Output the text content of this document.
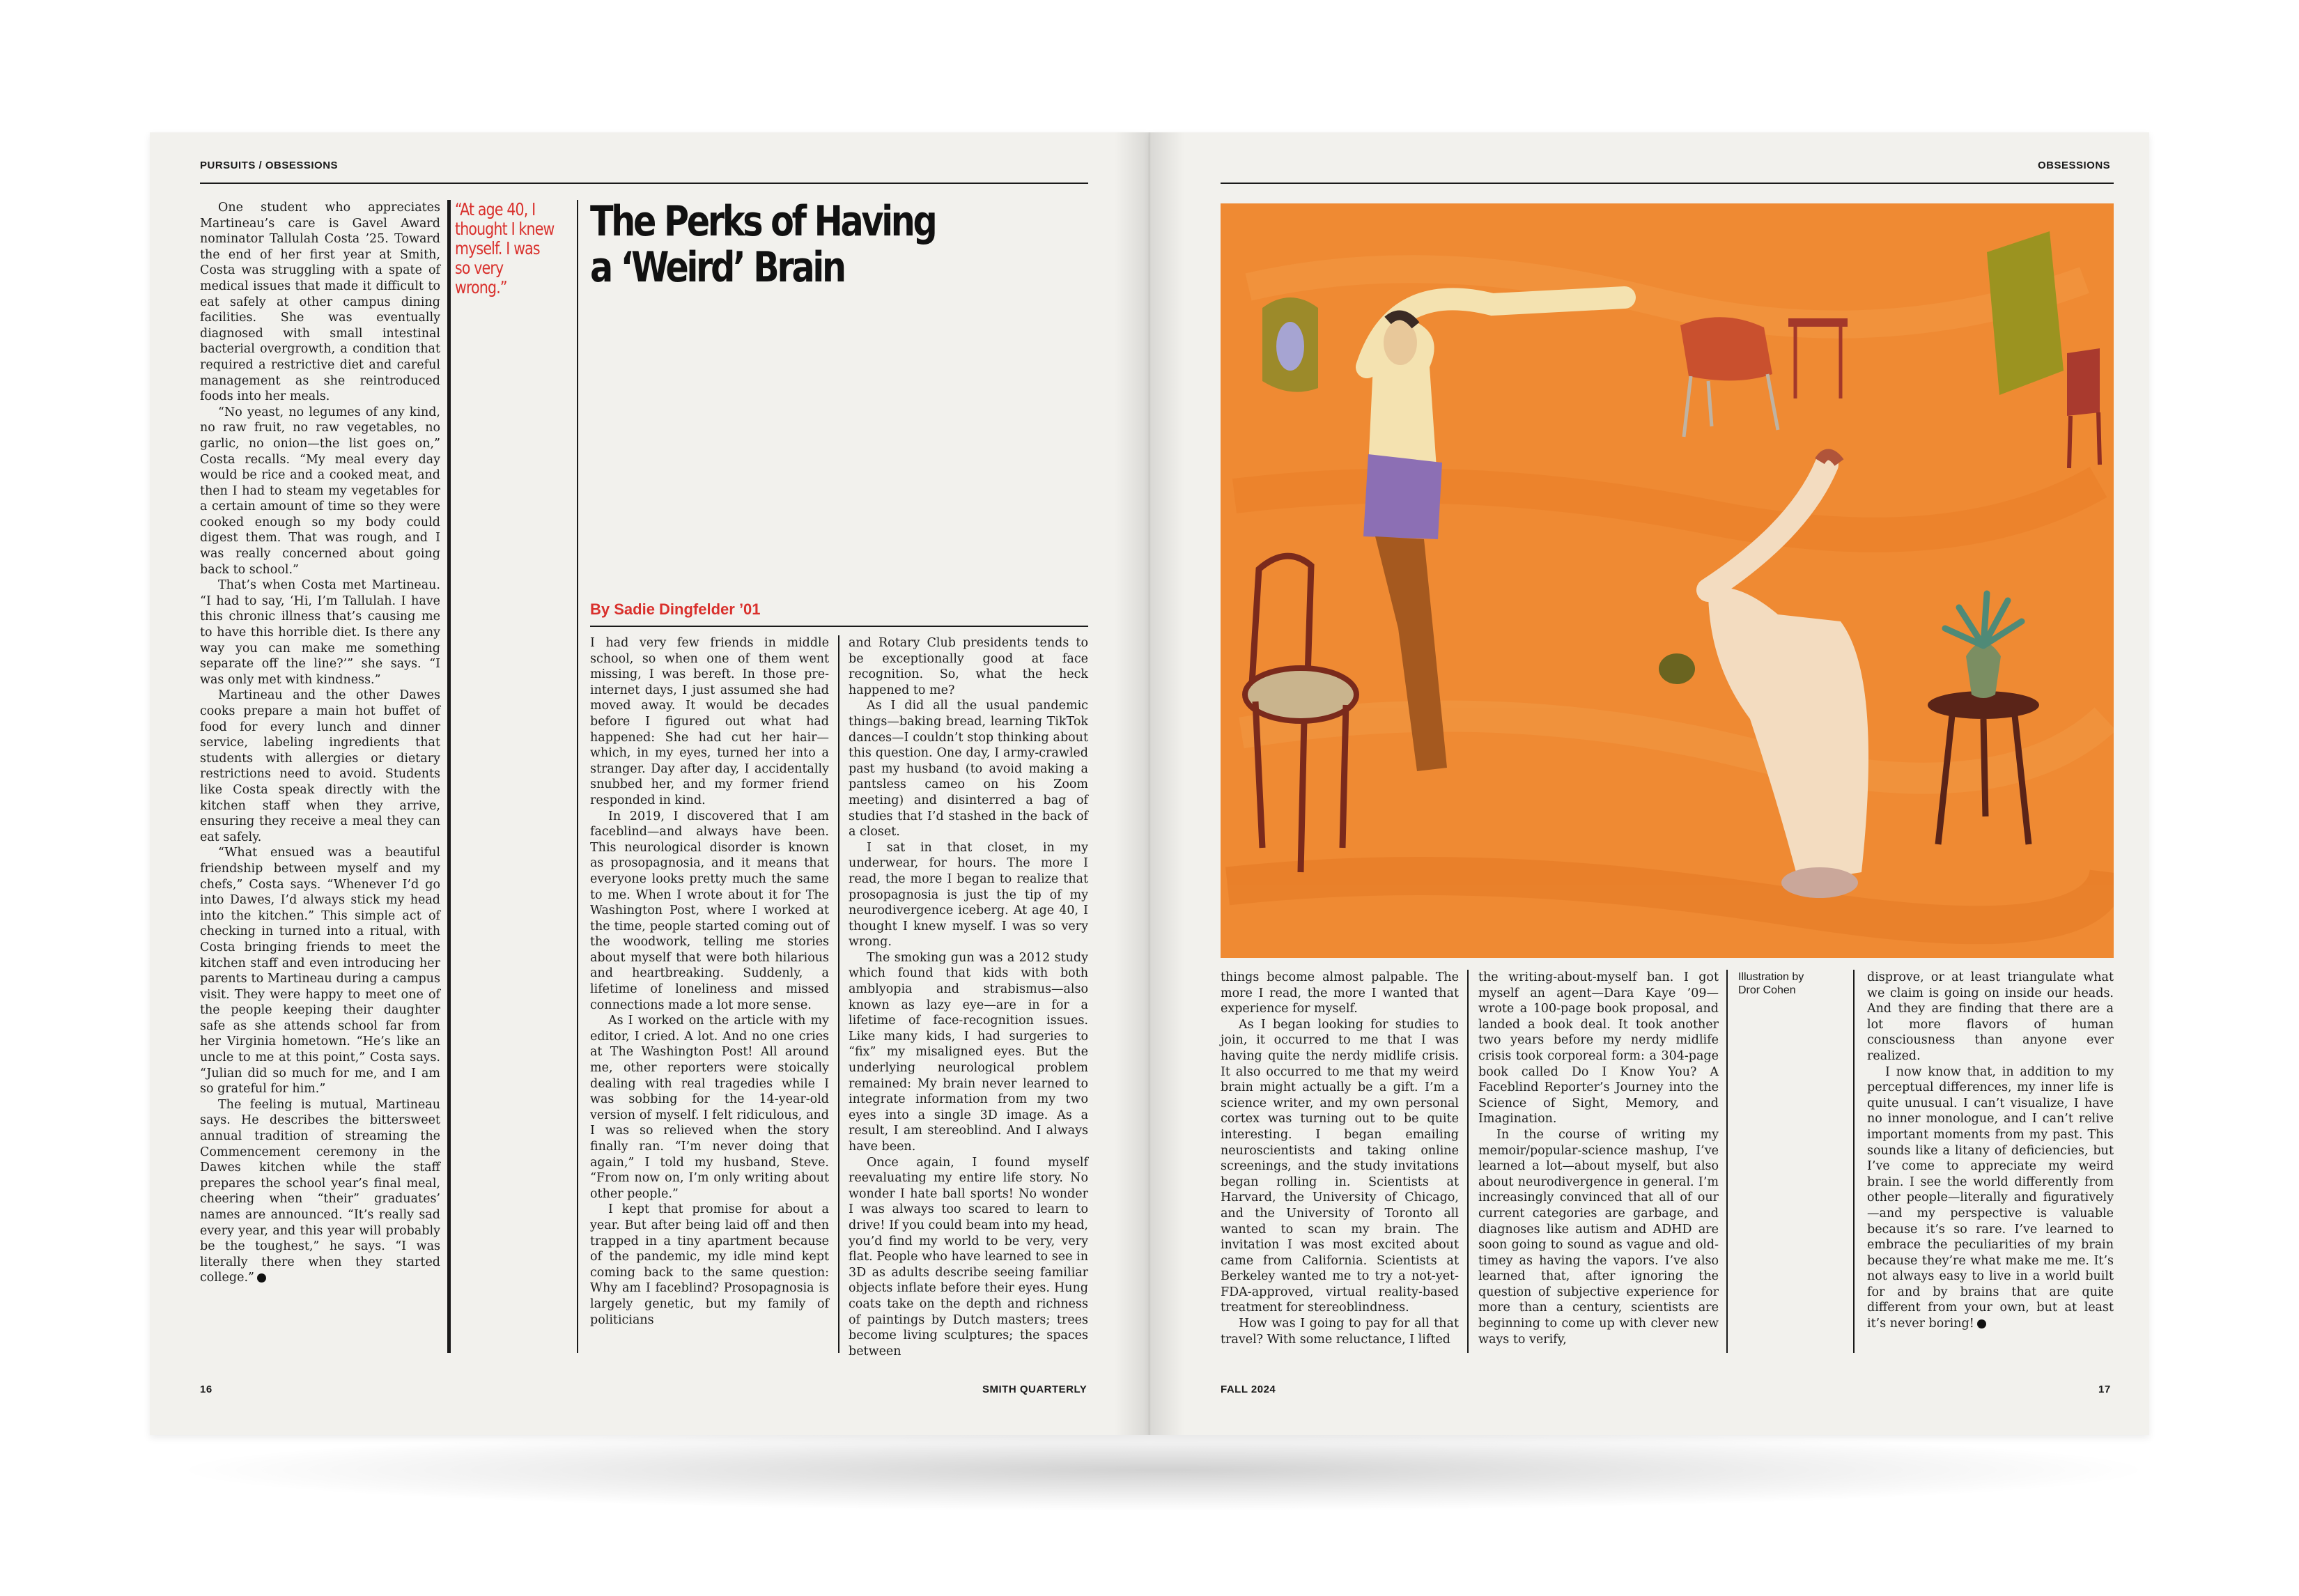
PURSUITS / OBSESSIONS

One student who appreciates Martineau’s care is Gavel Award nominator Tallulah Costa ’25. Toward the end of her first year at Smith, Costa was struggling with a spate of medical issues that made it difficult to eat safely at other campus dining facilities. She was eventually diagnosed with small intestinal bacterial overgrowth, a condition that required a restrictive diet and careful management as she reintroduced foods into her meals.

“No yeast, no legumes of any kind, no raw fruit, no raw vegetables, no garlic, no onion—the list goes on,” Costa recalls. “My meal every day would be rice and a cooked meat, and then I had to steam my vegetables for a certain amount of time so they were cooked enough so my body could digest them. That was rough, and I was really concerned about going back to school.”

That’s when Costa met Martineau. “I had to say, ‘Hi, I’m Tallulah. I have this chronic illness that’s causing me to have this horrible diet. Is there any way you can make me something separate off the line?’” she says. “I was only met with kindness.”

Martineau and the other Dawes cooks prepare a main hot buffet of food for every lunch and dinner service, labeling ingredients that students with allergies or dietary restrictions need to avoid. Students like Costa speak directly with the kitchen staff when they arrive, ensuring they receive a meal they can eat safely.

“What ensued was a beautiful friendship between myself and my chefs,” Costa says. “Whenever I’d go into Dawes, I’d always stick my head into the kitchen.” This simple act of checking in turned into a ritual, with Costa bringing friends to meet the kitchen staff and even introducing her parents to Martineau during a campus visit. They were happy to meet one of the people keeping their daughter safe as she attends school far from her Virginia hometown. “He’s like an uncle to me at this point,” Costa says. “Julian did so much for me, and I am so grateful for him.”

The feeling is mutual, Martineau says. He describes the bittersweet annual tradition of streaming the Commencement ceremony in the Dawes kitchen while the staff prepares the school year’s final meal, cheering when “their” graduates’ names are announced. “It’s really sad every year, and this year will probably be the toughest,” he says. “I was literally there when they started college.”

“At age 40, I thought I knew myself. I was so very wrong.”
The Perks of Having
a ‘Weird’ Brain
By Sadie Dingfelder ’01

I had very few friends in middle school, so when one of them went missing, I was bereft. In those pre-internet days, I just assumed she had moved away. It would be decades before I figured out what had happened: She had cut her hair—which, in my eyes, turned her into a stranger. Day after day, I accidentally snubbed her, and my former friend responded in kind.

In 2019, I discovered that I am faceblind—and always have been. This neurological disorder is known as prosopagnosia, and it means that everyone looks pretty much the same to me. When I wrote about it for The Washington Post, where I worked at the time, people started coming out of the woodwork, telling me stories about myself that were both hilarious and heartbreaking. Suddenly, a lifetime of loneliness and missed connections made a lot more sense.

As I worked on the article with my editor, I cried. A lot. And no one cries at The Washington Post! All around me, other reporters were stoically dealing with real tragedies while I was sobbing for the 14-year-old version of myself. I felt ridiculous, and I was so relieved when the story finally ran. “I’m never doing that again,” I told my husband, Steve. “From now on, I’m only writing about other people.”

I kept that promise for about a year. But after being laid off and then trapped in a tiny apartment because of the pandemic, my idle mind kept coming back to the same question: Why am I faceblind? Prosopagnosia is largely genetic, but my family of politicians

and Rotary Club presidents tends to be exceptionally good at face recognition. So, what the heck happened to me?

As I did all the usual pandemic things—baking bread, learning TikTok dances—I couldn’t stop thinking about this question. One day, I army-crawled past my husband (to avoid making a pantsless cameo on his Zoom meeting) and disinterred a bag of studies that I’d stashed in the back of a closet.

I sat in that closet, in my underwear, for hours. The more I read, the more I began to realize that prosopagnosia is just the tip of my neurodivergence iceberg. At age 40, I thought I knew myself. I was so very wrong.

The smoking gun was a 2012 study which found that kids with both amblyopia and strabismus—also known as lazy eye—are in for a lifetime of face-recognition issues. Like many kids, I had surgeries to “fix” my misaligned eyes. But the underlying neurological problem remained: My brain never learned to integrate information from my two eyes into a single 3D image. As a result, I am stereoblind. And I always have been.

Once again, I found myself reevaluating my entire life story. No wonder I hate ball sports! No wonder I was always too scared to learn to drive! If you could beam into my head, you’d find my world to be very, very flat. People who have learned to see in 3D as adults describe seeing familiar objects inflate before their eyes. Hung coats take on the depth and richness of paintings by Dutch masters; trees become living sculptures; the spaces between

16	SMITH QUARTERLY
OBSESSIONS

things become almost palpable. The more I read, the more I wanted that experience for myself.

As I began looking for studies to join, it occurred to me that I was having quite the nerdy midlife crisis. It also occurred to me that my weird brain might actually be a gift. I’m a science writer, and my own personal cortex was turning out to be quite interesting. I began emailing neuroscientists and taking online screenings, and the study invitations began rolling in. Scientists at Harvard, the University of Chicago, and the University of Toronto all wanted to scan my brain. The invitation I was most excited about came from California. Scientists at Berkeley wanted me to try a not-yet-FDA-approved, virtual reality-based treatment for stereoblindness.

How was I going to pay for all that travel? With some reluctance, I lifted

the writing-about-myself ban. I got myself an agent—Dara Kaye ’09—wrote a 100-page book proposal, and landed a book deal. It took another two years before my nerdy midlife crisis took corporeal form: a 304-page book called Do I Know You? A Faceblind Reporter’s Journey into the Science of Sight, Memory, and Imagination.

In the course of writing my memoir/popular-science mashup, I’ve learned a lot—about myself, but also about neurodivergence in general. I’m increasingly convinced that all of our current categories are garbage, and diagnoses like autism and ADHD are soon going to sound as vague and old-timey as having the vapors. I’ve also learned that, after ignoring the question of subjective experience for more than a century, scientists are beginning to come up with clever new ways to verify,

Illustration by
Dror Cohen

disprove, or at least triangulate what we claim is going on inside our heads. And they are finding that there are a lot more flavors of human consciousness than anyone ever realized.

I now know that, in addition to my perceptual differences, my inner life is quite unusual. I can’t visualize, I have no inner monologue, and I can’t relive important moments from my past. This sounds like a litany of deficiencies, but I’ve come to appreciate my weird brain. I see the world differently from other people—literally and figuratively—and my perspective is valuable because it’s so rare. I’ve learned to embrace the peculiarities of my brain because they’re what make me me. It’s not always easy to live in a world built for and by brains that are quite different from your own, but at least it’s never boring!

FALL 2024	17
